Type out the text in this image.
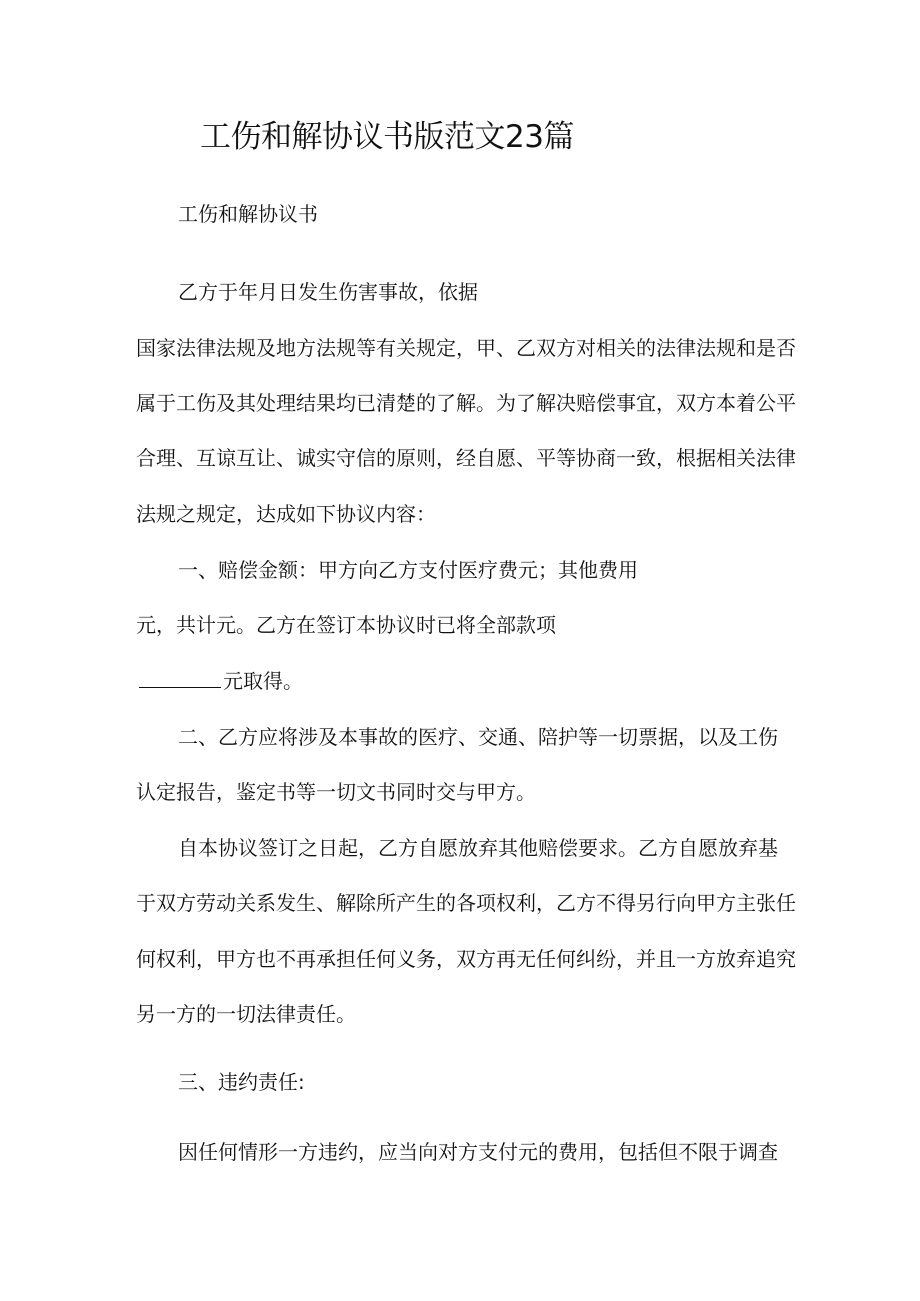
工伤和解协议书版范文23篇
工伤和解协议书
乙方于年月日发生伤害事故，依据
国家法律法规及地方法规等有关规定，甲、乙双方对相关的法律法规和是否
属于工伤及其处理结果均已清楚的了解。为了解决赔偿事宜，双方本着公平
合理、互谅互让、诚实守信的原则，经自愿、平等协商一致，根据相关法律
法规之规定，达成如下协议内容：
一、赔偿金额：甲方向乙方支付医疗费元；其他费用
元，共计元。乙方在签订本协议时已将全部款项
元取得。
二、乙方应将涉及本事故的医疗、交通、陪护等一切票据，以及工伤
认定报告，鉴定书等一切文书同时交与甲方。
自本协议签订之日起，乙方自愿放弃其他赔偿要求。乙方自愿放弃基
于双方劳动关系发生、解除所产生的各项权利，乙方不得另行向甲方主张任
何权利，甲方也不再承担任何义务，双方再无任何纠纷，并且一方放弃追究
另一方的一切法律责任。
三、违约责任:
因任何情形一方违约，应当向对方支付元的费用，包括但不限于调查
